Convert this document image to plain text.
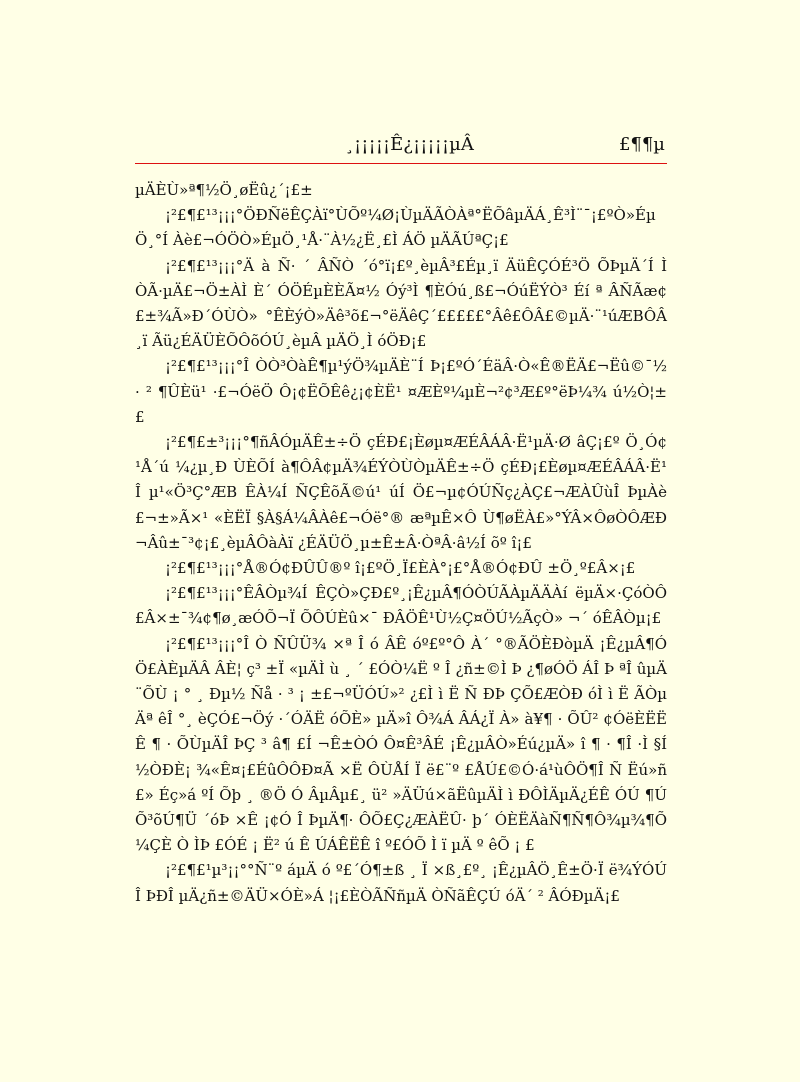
¸¡¡¡¡¡Ê¿¡¡¡¡¡µÂ	£¶¶µ

µÄÈÙ»ª¶½Ö¸øËû¿´¡£±

¡²£¶£¹³¡¡¡°ÖÐÑëÊÇÀï°ÙÕº¼Ø¡ÙµÄÃÒÀª°ËÕâµÄÁ¸Ê³Ì¨¯¡£ºÒ»ÉµÖ¸°Í Àè£¬ÓÖÒ»ÉµÖ¸¹Å·¨À½¿Ë¸£Ì ÁÖ µÄÃÚªÇ¡£

¡²£¶£¹³¡¡¡°Ä à Ñ· ´ ÂÑÒ ´ó°ï¡£º¸èµÂ³£Éµ¸ï ÄüÊÇÓÉ³Ö ÕÞµÄ´Í Ì ÒÃ·µÄ£¬Ö±ÀÌ È´ ÓÖÉµÈÈÃ¤½ Óý³Ì ¶ÈÓú¸ß£¬ÓúËÝÒ³ Éí ª ÂÑÃæ¢£±¾Ã»Ð´ÓÙÒ» °ÊÈýÒ»Äê³õ£¬°ëÄêÇ´£££££°Âê£ÔÂ£©µÄ·¨¹úÆBÔÂ¸ï Ãü¿ÉÄÜÈÕÔõÓÚ¸èµÂ µÄÖ¸Ì óÖÐ¡£

¡²£¶£¹³¡¡¡°Î ÒÒ³ÒàÊ¶µ¹ýÖ¾µÄÈ¨Í Þ¡£ºÓ´ÉäÂ·Ò«Ê®ËÄ£¬Ëû©¯½ · ² ¶ÛÈü¹ ·£¬ÓëÖ Ô¡¢ËÕÊê¿¡¢ÈË¹ ¤ÆÈº¼µÈ¬²¢³Æ£º°ëÞ¼¾ ú½Ò¦±£

¡²£¶£±³¡¡¡°¶ñÂÓµÄÊ±÷Ö çÉÐ£¡Èøµ¤ÆÉÂÁÂ·Ë¹µÄ·Ø âÇ¡£º Ö¸Ó¢¹Å´ú ¼¿µ¸Ð ÙÈÕÍ à¶ÔÂ¢µÄ¾ÉÝÒÙÒµÄÊ±÷Ö çÉÐ¡£Èøµ¤ÆÉÂÁÂ·Ë¹ Î µ¹«Ö³Ç°ÆB ÊÀ¼Í ÑÇÊõÃ©ú¹ úÍ Ö£¬µ¢ÓÚÑç¿ÀÇ£¬ÆÀÛùÎ ÞµÀè£¬±»Ã×¹ «ÈËÏ §À§Á¼ÂÀê£¬Óë°® æªµÊ×Ô Ù¶øËÀ£»°ÝÂ×ÔøÒÔÆÐ ¬Âû±¯³¢¡£¸èµÂÔàÀï ¿ÉÄÜÖ¸µ±Ê±Â·ÒªÂ·â½Í õº î¡£

¡²£¶£¹³¡¡¡°Å®Ó¢ÐÛÛ®º î¡£ºÖ¸Ï£ÈÀ°¡£°Å®Ó¢ÐÛ ±Ö¸º£Â×¡£

¡²£¶£¹³¡¡¡°ÊÂÒµ¾Í ÊÇÒ»ÇÐ£º¸¡Ê¿µÂ¶ÓÒÚÃÀµÄÄÀí ëµÄ×·ÇóÒÔ £Â×±¯¾¢¶ø¸æÓÕ¬Ï ÕÔÚÈû×¯ ÐÂÖÊ¹Ù½Ç¤ÖÚ½ÃçÒ» ¬´ óÊÂÒµ¡£

¡²£¶£¹³¡¡¡°Î Ò ÑÛÜ¾ ×ª Î ó ÂÊ óº£º°Ô À´ °®ÃÖÈÐòµÄ ¡Ê¿µÂ¶ÓÖ£ÀÈµÄÂ ÂÈ¦ ç³ ±Ï «µÄÌ ù ¸ ´ £ÓÒ¼Ë º Î ¿ñ±©Ì Þ ¿¶øÓÖ ÁÎ Þ ªÎ ûµÄ ¨ÕÙ ¡ ° ¸ Ðµ½ Ñå · ³ ¡ ±£¬ºÜÓÚ»² ¿£Ì ì Ë Ñ ÐÞ ÇÕ£ÆÒÐ óÌ ì Ë ÃÒµÄª êÎ °¸ èÇÓ£¬Öý ·´ÓÄË óÕÈ» µÄ»î Ô¾Á ÂÁ¿Ï À» à¥¶ · ÕÛ² ¢ÓëÈËËÊ ¶ · ÕÙµÄÎ ÞÇ ³ â¶ £Í ¬Ê±ÒÓ Ô¤Ê³ÂÉ ¡Ê¿µÂÒ»Éú¿µÄ» î ¶ · ¶Î ·Ì §Í ½ÒÐÈ¡ ¾«Ê¤¡£ÉûÔÔÐ¤Ã ×Ë ÔÙÅÍ Ï ë£¨º £ÅÚ£©Ó·á¹ùÔÖ¶Î Ñ Ëú»ñ£» Éç»á ºÍ Õþ ¸ ®Ö Ó ÂµÂµ£¸ ü² »ÄÜú×ãËûµÄÌ ì ÐÔÌÄµÄ¿ÉÊ ÓÚ ¶ÚÕ³õÚ¶Ü ´óÞ ×Ê ¡¢Ó Î ÞµÄ¶· ÔÕ£Ç¿ÆÀËÛ· þ´ ÓÈËÄàÑ¶Ñ¶Ô¾µ¾¶Õ¼ÇÈ Ò ÌÞ £ÓÉ ¡ Ë² ú Ê ÚÁÊËÊ î º£ÓÕ Ì ï µÄ º êÕ ¡ £

¡²£¶£¹µ³¡¡°°Ñ¨º áµÄ ó º£´Ó¶±ß ¸ Ï ×ß¸£º¸ ¡Ê¿µÂÖ¸Ê±Ö·Ï ë¾ÝÓÚÎ ÞÐÎ µÄ¿ñ±©ÄÜ×ÓÈ»Á ¦¡£ÈÒÃÑñµÄ ÒÑãÊÇÚ óÄ´ ² ÂÓÐµÄ¡£
